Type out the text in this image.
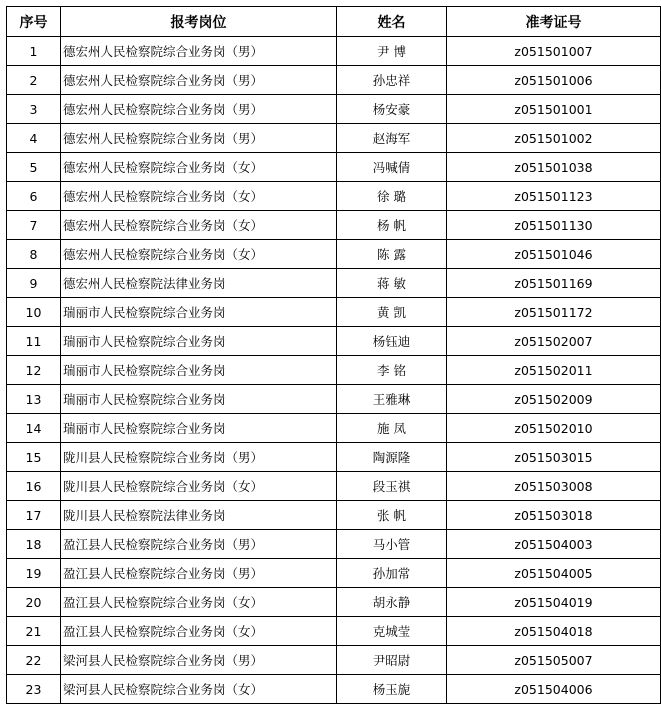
序号	报考岗位	姓名	准考证号
1	德宏州人民检察院综合业务岗（男）	尹 博	z051501007
2	德宏州人民检察院综合业务岗（男）	孙忠祥	z051501006
3	德宏州人民检察院综合业务岗（男）	杨安豪	z051501001
4	德宏州人民检察院综合业务岗（男）	赵海军	z051501002
5	德宏州人民检察院综合业务岗（女）	冯喊倩	z051501038
6	德宏州人民检察院综合业务岗（女）	徐 璐	z051501123
7	德宏州人民检察院综合业务岗（女）	杨 帆	z051501130
8	德宏州人民检察院综合业务岗（女）	陈 露	z051501046
9	德宏州人民检察院法律业务岗	蒋 敏	z051501169
10	瑞丽市人民检察院综合业务岗	黄 凯	z051501172
11	瑞丽市人民检察院综合业务岗	杨钰迪	z051502007
12	瑞丽市人民检察院综合业务岗	李 铭	z051502011
13	瑞丽市人民检察院综合业务岗	王雅琳	z051502009
14	瑞丽市人民检察院综合业务岗	施 凤	z051502010
15	陇川县人民检察院综合业务岗（男）	陶源隆	z051503015
16	陇川县人民检察院综合业务岗（女）	段玉祺	z051503008
17	陇川县人民检察院法律业务岗	张 帆	z051503018
18	盈江县人民检察院综合业务岗（男）	马小管	z051504003
19	盈江县人民检察院综合业务岗（男）	孙加常	z051504005
20	盈江县人民检察院综合业务岗（女）	胡永静	z051504019
21	盈江县人民检察院综合业务岗（女）	克城莹	z051504018
22	梁河县人民检察院综合业务岗（男）	尹昭尉	z051505007
23	梁河县人民检察院综合业务岗（女）	杨玉旎	z051504006
